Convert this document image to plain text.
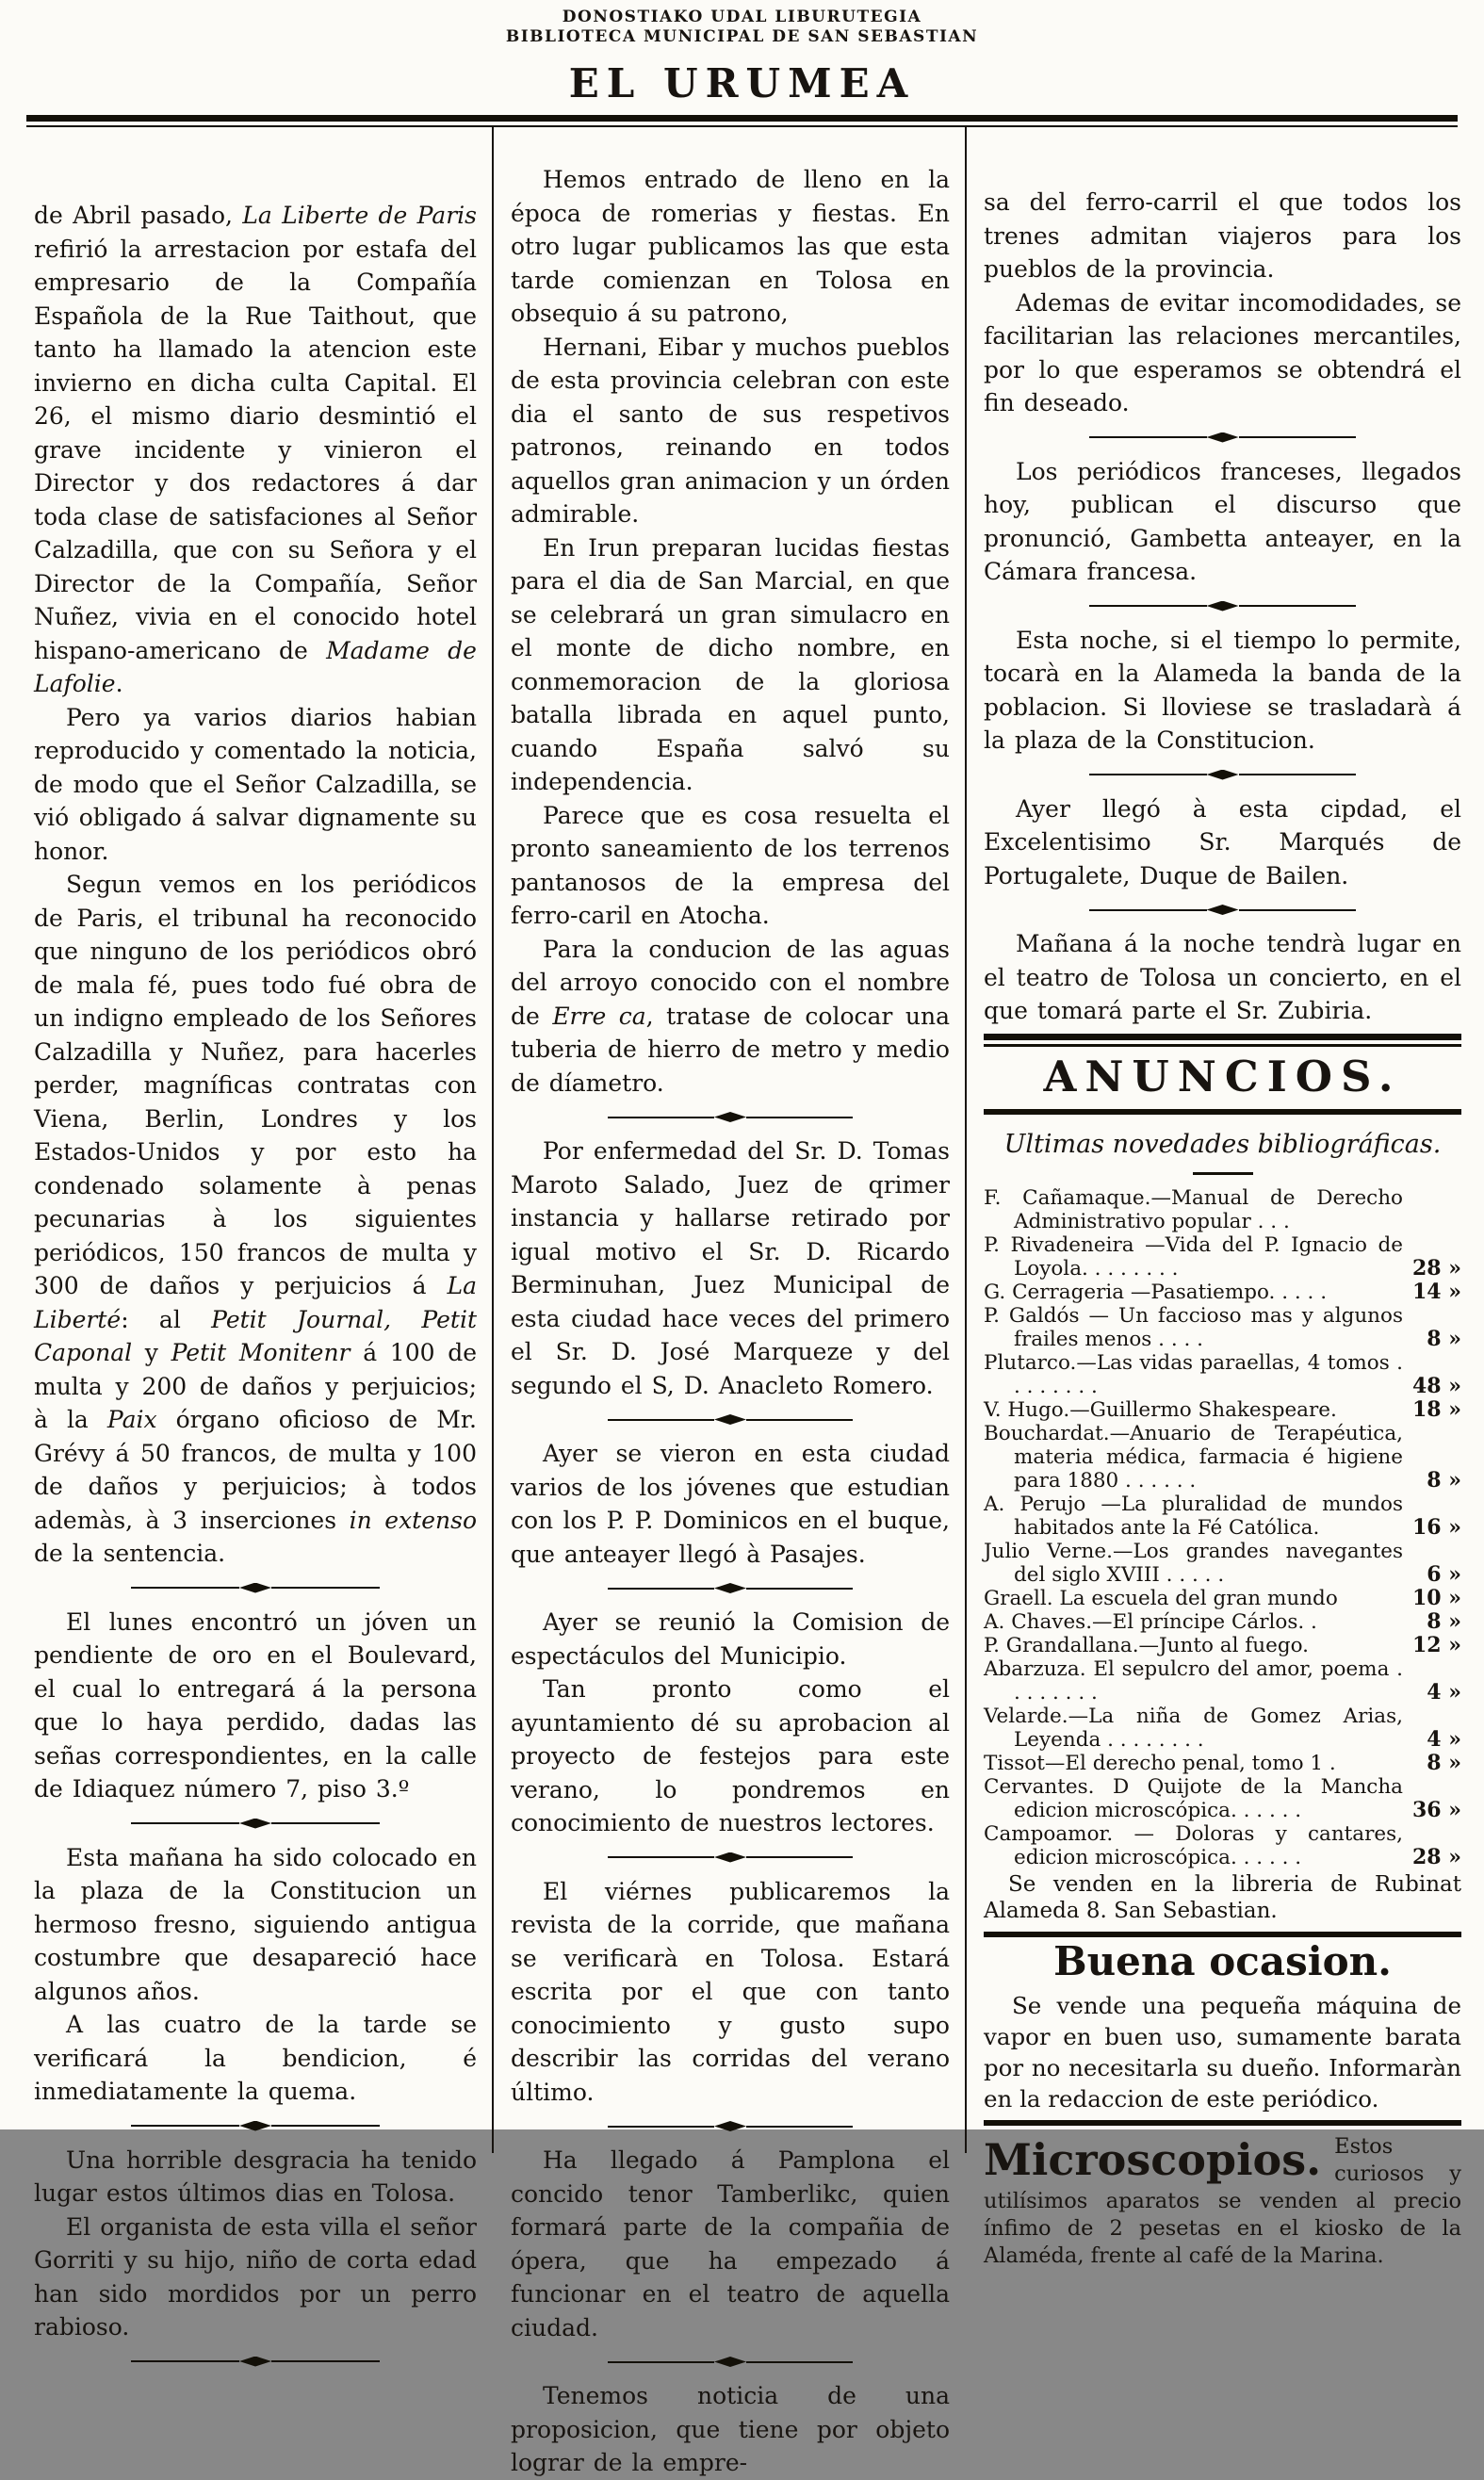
DONOSTIAKO UDAL LIBURUTEGIA
BIBLIOTECA MUNICIPAL DE SAN SEBASTIAN
EL URUMEA

de Abril pasado, La Liberte de Paris refirió la arrestacion por estafa del empresario de la Compañía Española de la Rue Taithout, que tanto ha llamado la atencion este invierno en dicha culta Capital. El 26, el mismo diario desmintió el grave incidente y vinieron el Director y dos redactores á dar toda clase de satisfaciones al Señor Calzadilla, que con su Señora y el Director de la Compañía, Señor Nuñez, vivia en el conocido hotel hispano-americano de Madame de Lafolie.

Pero ya varios diarios habian reproducido y comentado la noticia, de modo que el Señor Calzadilla, se vió obligado á salvar dignamente su honor.

Segun vemos en los periódicos de Paris, el tribunal ha reconocido que ninguno de los periódicos obró de mala fé, pues todo fué obra de un indigno empleado de los Señores Calzadilla y Nuñez, para hacerles perder, magníficas contratas con Viena, Berlin, Londres y los Estados-Unidos y por esto ha condenado solamente à penas pecunarias à los siguientes periódicos, 150 francos de multa y 300 de daños y perjuicios á La Liberté: al Petit Journal, Petit Caponal y Petit Monitenr á 100 de multa y 200 de daños y perjuicios; à la Paix órgano oficioso de Mr. Grévy á 50 francos, de multa y 100 de daños y perjuicios; à todos ademàs, à 3 inserciones in extenso de la sentencia.

El lunes encontró un jóven un pendiente de oro en el Boulevard, el cual lo entregará á la persona que lo haya perdido, dadas las señas correspondientes, en la calle de Idiaquez número 7, piso 3.º

Esta mañana ha sido colocado en la plaza de la Constitucion un hermoso fresno, siguiendo antigua costumbre que desapareció hace algunos años.

A las cuatro de la tarde se verificará la bendicion, é inmediatamente la quema.

Una horrible desgracia ha tenido lugar estos últimos dias en Tolosa.

El organista de esta villa el señor Gorriti y su hijo, niño de corta edad han sido mordidos por un perro rabioso.

Hemos entrado de lleno en la época de romerias y fiestas. En otro lugar publicamos las que esta tarde comienzan en Tolosa en obsequio á su patrono,

Hernani, Eibar y muchos pueblos de esta provincia celebran con este dia el santo de sus respetivos patronos, reinando en todos aquellos gran animacion y un órden admirable.

En Irun preparan lucidas fiestas para el dia de San Marcial, en que se celebrará un gran simulacro en el monte de dicho nombre, en conmemoracion de la gloriosa batalla librada en aquel punto, cuando España salvó su independencia.

Parece que es cosa resuelta el pronto saneamiento de los terrenos pantanosos de la empresa del ferro-caril en Atocha.

Para la conducion de las aguas del arroyo conocido con el nombre de Erre ca, tratase de colocar una tuberia de hierro de metro y medio de díametro.

Por enfermedad del Sr. D. Tomas Maroto Salado, Juez de qrimer instancia y hallarse retirado por igual motivo el Sr. D. Ricardo Berminuhan, Juez Municipal de esta ciudad hace veces del primero el Sr. D. José Marqueze y del segundo el S, D. Anacleto Romero.

Ayer se vieron en esta ciudad varios de los jóvenes que estudian con los P. P. Dominicos en el buque, que anteayer llegó à Pasajes.

Ayer se reunió la Comision de espectáculos del Municipio.

Tan pronto como el ayuntamiento dé su aprobacion al proyecto de festejos para este verano, lo pondremos en conocimiento de nuestros lectores.

El viérnes publicaremos la revista de la corride, que mañana se verificarà en Tolosa. Estará escrita por el que con tanto conocimiento y gusto supo describir las corridas del verano último.

Ha llegado á Pamplona el concido tenor Tamberlikc, quien formará parte de la compañia de ópera, que ha empezado á funcionar en el teatro de aquella ciudad.

Tenemos noticia de una proposicion, que tiene por objeto lograr de la empre-

sa del ferro-carril el que todos los trenes admitan viajeros para los pueblos de la provincia.

Ademas de evitar incomodidades, se facilitarian las relaciones mercantiles, por lo que esperamos se obtendrá el fin deseado.

Los periódicos franceses, llegados hoy, publican el discurso que pronunció, Gambetta anteayer, en la Cámara francesa.

Esta noche, si el tiempo lo permite, tocarà en la Alameda la banda de la poblacion. Si lloviese se trasladarà á la plaza de la Constitucion.

Ayer llegó à esta cipdad, el Excelentisimo Sr. Marqués de Portugalete, Duque de Bailen.

Mañana á la noche tendrà lugar en el teatro de Tolosa un concierto, en el que tomará parte el Sr. Zubiria.

ANUNCIOS.
Ultimas novedades bibliográficas.
F. Cañamaque.—Manual de Derecho Administrativo popular . . .
P. Rivadeneira —Vida del P. Ignacio de Loyola. . . . . . . .	28 »
G. Cerrageria —Pasatiempo. . . . .	14 »
P. Galdós — Un faccioso mas y algunos frailes menos . . . .	8 »
Plutarco.—Las vidas paraellas, 4 tomos . . . . . . . .	48 »
V. Hugo.—Guillermo Shakespeare.	18 »
Bouchardat.—Anuario de Terapéutica, materia médica, farmacia é higiene para 1880 . . . . . .	8 »
A. Perujo —La pluralidad de mundos habitados ante la Fé Católica.	16 »
Julio Verne.—Los grandes navegantes del siglo XVIII . . . . .	6 »
Graell. La escuela del gran mundo	10 »
A. Chaves.—El príncipe Cárlos. .	8 »
P. Grandallana.—Junto al fuego.	12 »
Abarzuza. El sepulcro del amor, poema . . . . . . . .	4 »
Velarde.—La niña de Gomez Arias, Leyenda . . . . . . . .	4 »
Tissot—El derecho penal, tomo 1 .	8 »
Cervantes. D Quijote de la Mancha edicion microscópica. . . . . .	36 »
Campoamor. — Doloras y cantares, edicion microscópica. . . . . .	28 »

Se venden en la libreria de Rubinat Alameda 8. San Sebastian.

Buena ocasion.

Se vende una pequeña máquina de vapor en buen uso, sumamente barata por no necesitarla su dueño. Informaràn en la redaccion de este periódico.

Microscopios. Estos curiosos y utilísimos aparatos se venden al precio ínfimo de 2 pesetas en el kiosko de la Alaméda, frente al café de la Marina.
